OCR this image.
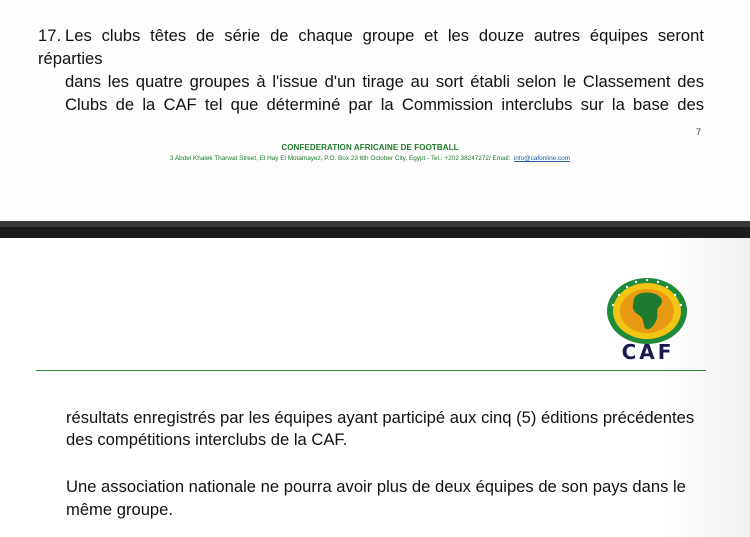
17. Les clubs têtes de série de chaque groupe et les douze autres équipes seront réparties
dans les quatre groupes à l'issue d'un tirage au sort établi selon le Classement des
Clubs de la CAF tel que déterminé par la Commission interclubs sur la base des
7
CONFEDERATION AFRICAINE DE FOOTBALL
3 Abdel Khalek Tharwat Street, El Hay El Motamayez, P.O. Box 23 6th October City, Egypt - Tel.: +202 38247272/ Email: info@cafonline.com
CAF
résultats enregistrés par les équipes ayant participé aux cinq (5) éditions précédentes
des compétitions interclubs de la CAF.
Une association nationale ne pourra avoir plus de deux équipes de son pays dans le
même groupe.
